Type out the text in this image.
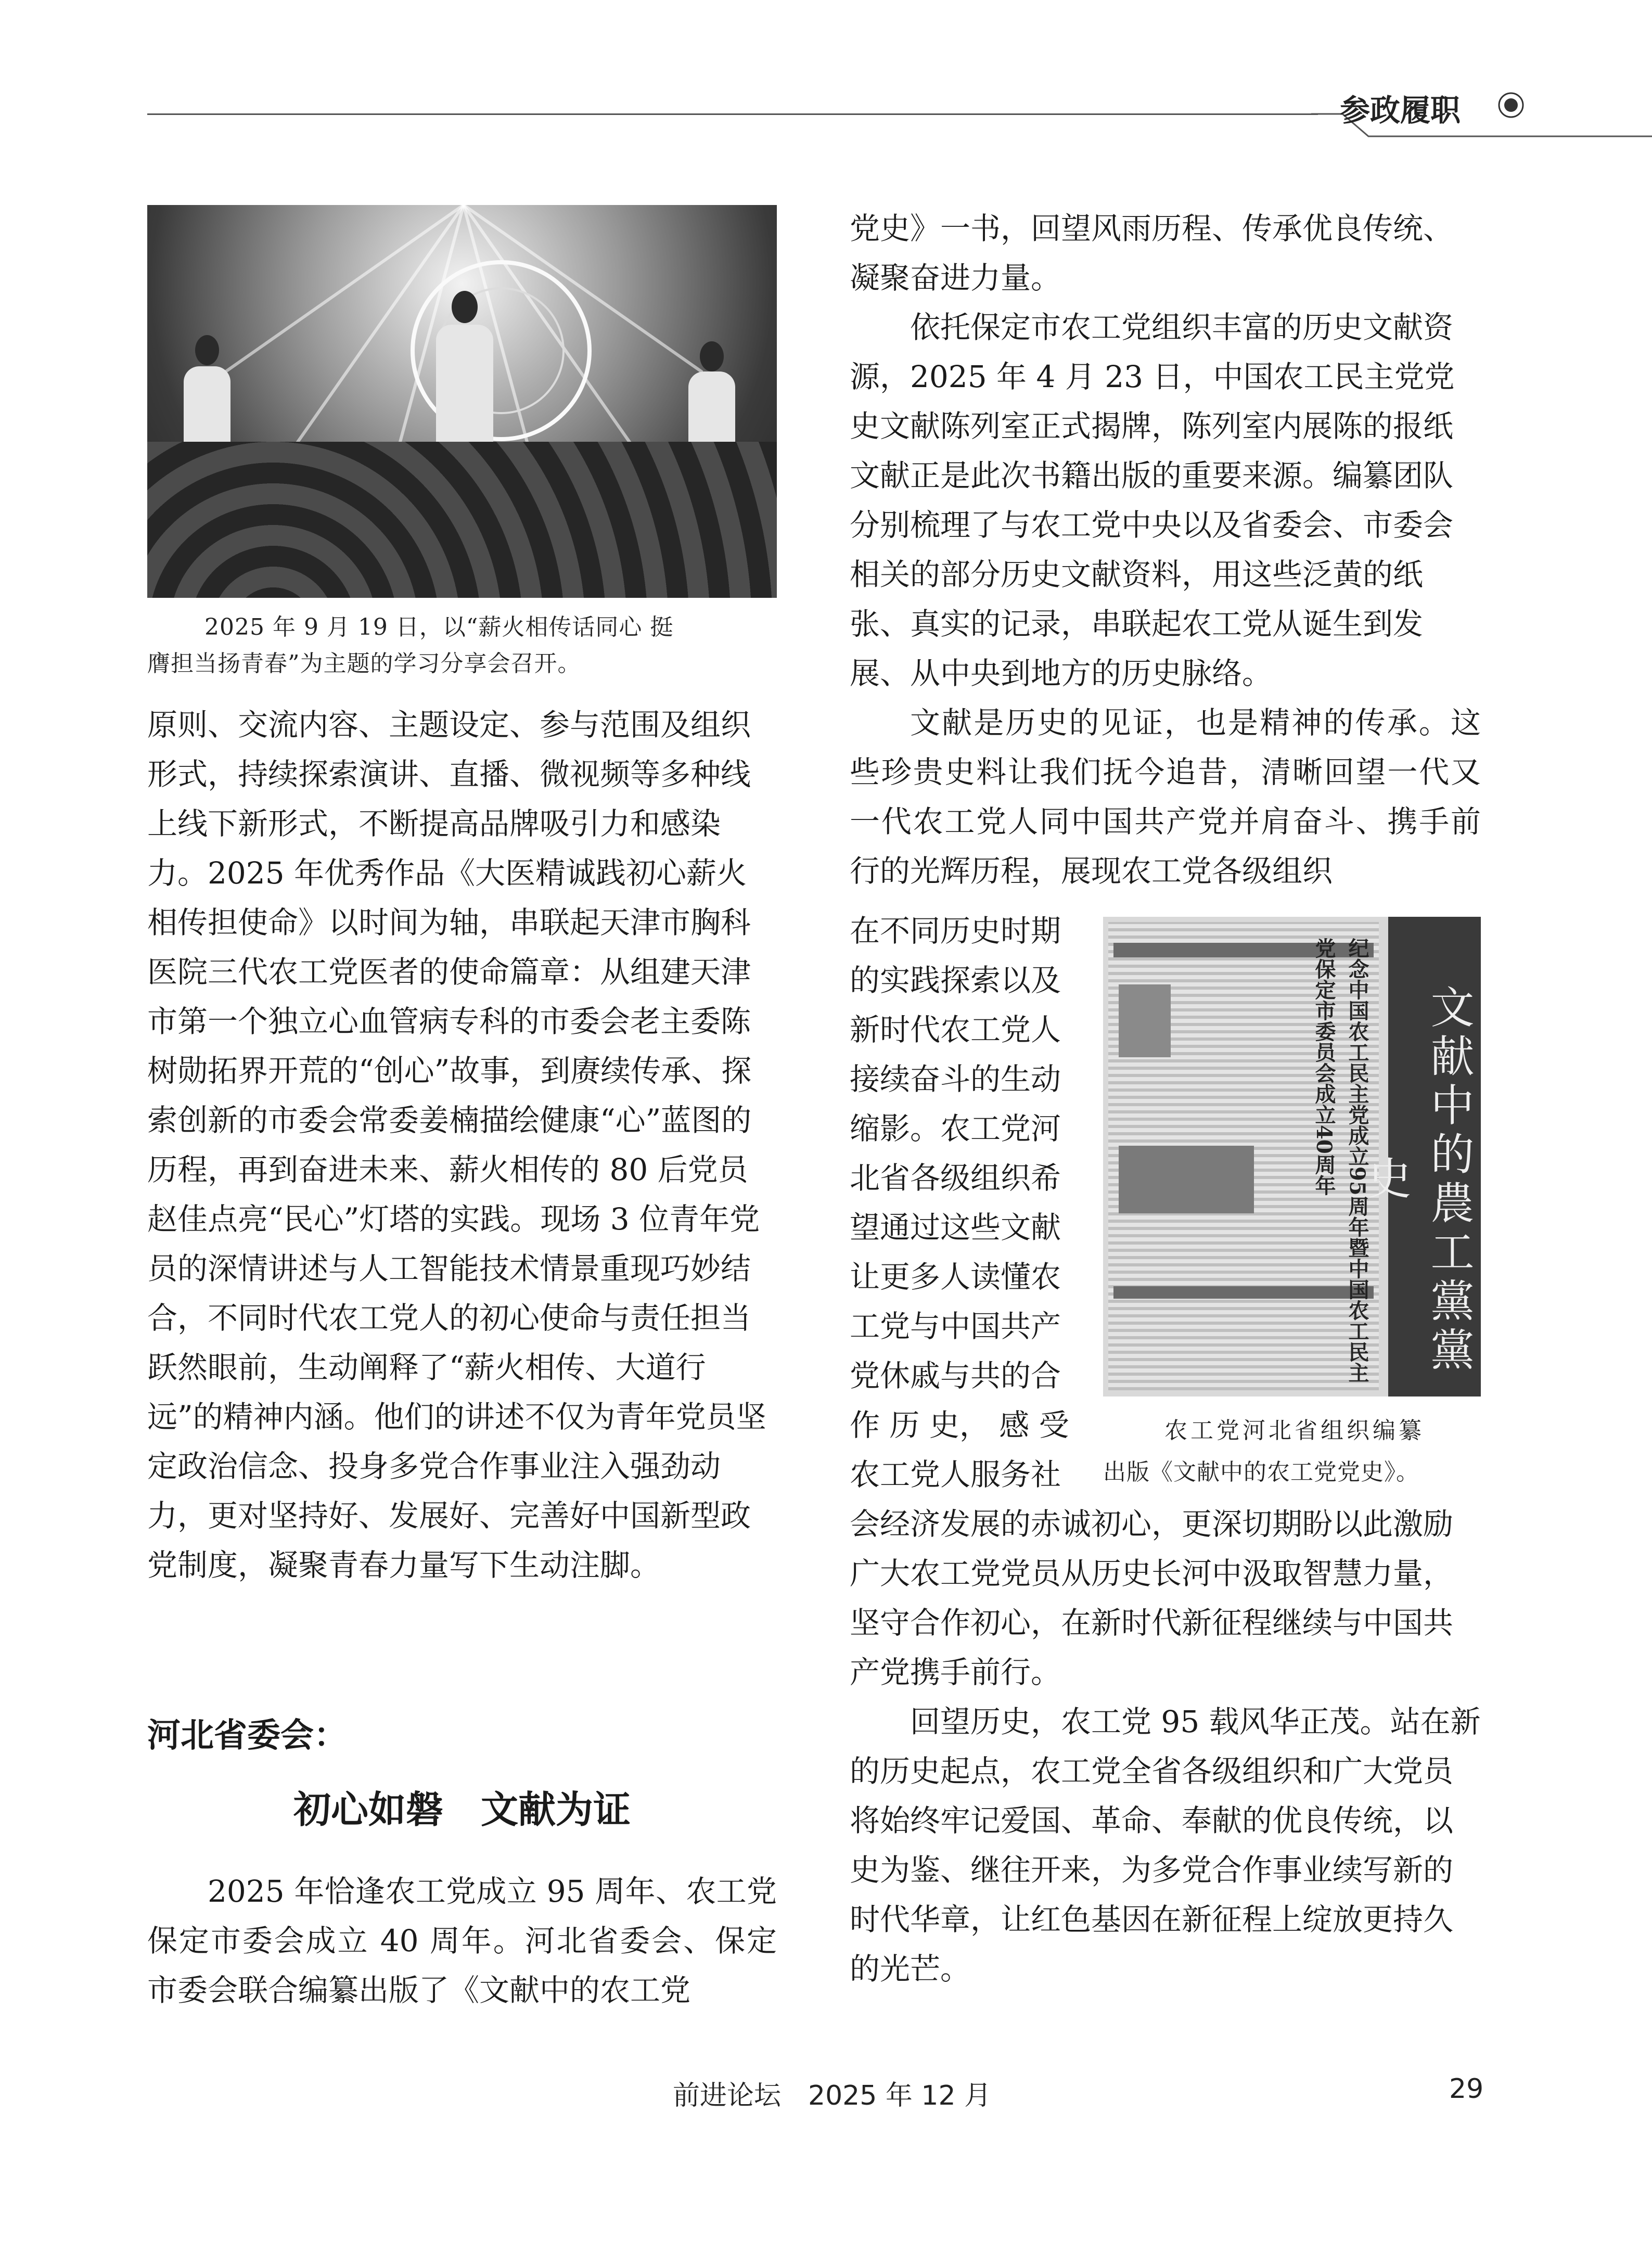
参政履职
2025 年 9 月 19 日，以“薪火相传话同心 挺
膺担当扬青春”为主题的学习分享会召开。

原则、交流内容、主题设定、参与范围及组织形式，持续探索演讲、直播、微视频等多种线上线下新形式，不断提高品牌吸引力和感染力。2025 年优秀作品《大医精诚践初心薪火相传担使命》以时间为轴，串联起天津市胸科医院三代农工党医者的使命篇章：从组建天津市第一个独立心血管病专科的市委会老主委陈树勋拓界开荒的“创心”故事，到赓续传承、探索创新的市委会常委姜楠描绘健康“心”蓝图的历程，再到奋进未来、薪火相传的 80 后党员赵佳点亮“民心”灯塔的实践。现场 3 位青年党员的深情讲述与人工智能技术情景重现巧妙结合，不同时代农工党人的初心使命与责任担当跃然眼前，生动阐释了“薪火相传、大道行远”的精神内涵。他们的讲述不仅为青年党员坚定政治信念、投身多党合作事业注入强劲动力，更对坚持好、发展好、完善好中国新型政党制度，凝聚青春力量写下生动注脚。

河北省委会：
初心如磐　文献为证

2025 年恰逢农工党成立 95 周年、农工党保定市委会成立 40 周年。河北省委会、保定市委会联合编纂出版了《文献中的农工党

党史》一书，回望风雨历程、传承优良传统、凝聚奋进力量。

依托保定市农工党组织丰富的历史文献资源，2025 年 4 月 23 日，中国农工民主党党史文献陈列室正式揭牌，陈列室内展陈的报纸文献正是此次书籍出版的重要来源。编纂团队分别梳理了与农工党中央以及省委会、市委会相关的部分历史文献资料，用这些泛黄的纸张、真实的记录，串联起农工党从诞生到发展、从中央到地方的历史脉络。

文献是历史的见证，也是精神的传承。这些珍贵史料让我们抚今追昔，清晰回望一代又一代农工党人同中国共产党并肩奋斗、携手前行的光辉历程，展现农工党各级组织

在不同历史时期
的实践探索以及
新时代农工党人
接续奋斗的生动
缩影。农工党河
北省各级组织希
望通过这些文献
让更多人读懂农
工党与中国共产
党休戚与共的合
作 历 史， 感 受
农工党人服务社
纪念中国农工民主党成立95周年暨中国农工民主党保定市委员会成立40周年	文献中的農工黨黨史
农工党河北省组织编纂
出版《文献中的农工党党史》。

会经济发展的赤诚初心，更深切期盼以此激励广大农工党党员从历史长河中汲取智慧力量，坚守合作初心，在新时代新征程继续与中国共产党携手前行。

回望历史，农工党 95 载风华正茂。站在新的历史起点，农工党全省各级组织和广大党员将始终牢记爱国、革命、奉献的优良传统，以史为鉴、继往开来，为多党合作事业续写新的时代华章，让红色基因在新征程上绽放更持久的光芒。

前进论坛 2025 年 12 月	29
